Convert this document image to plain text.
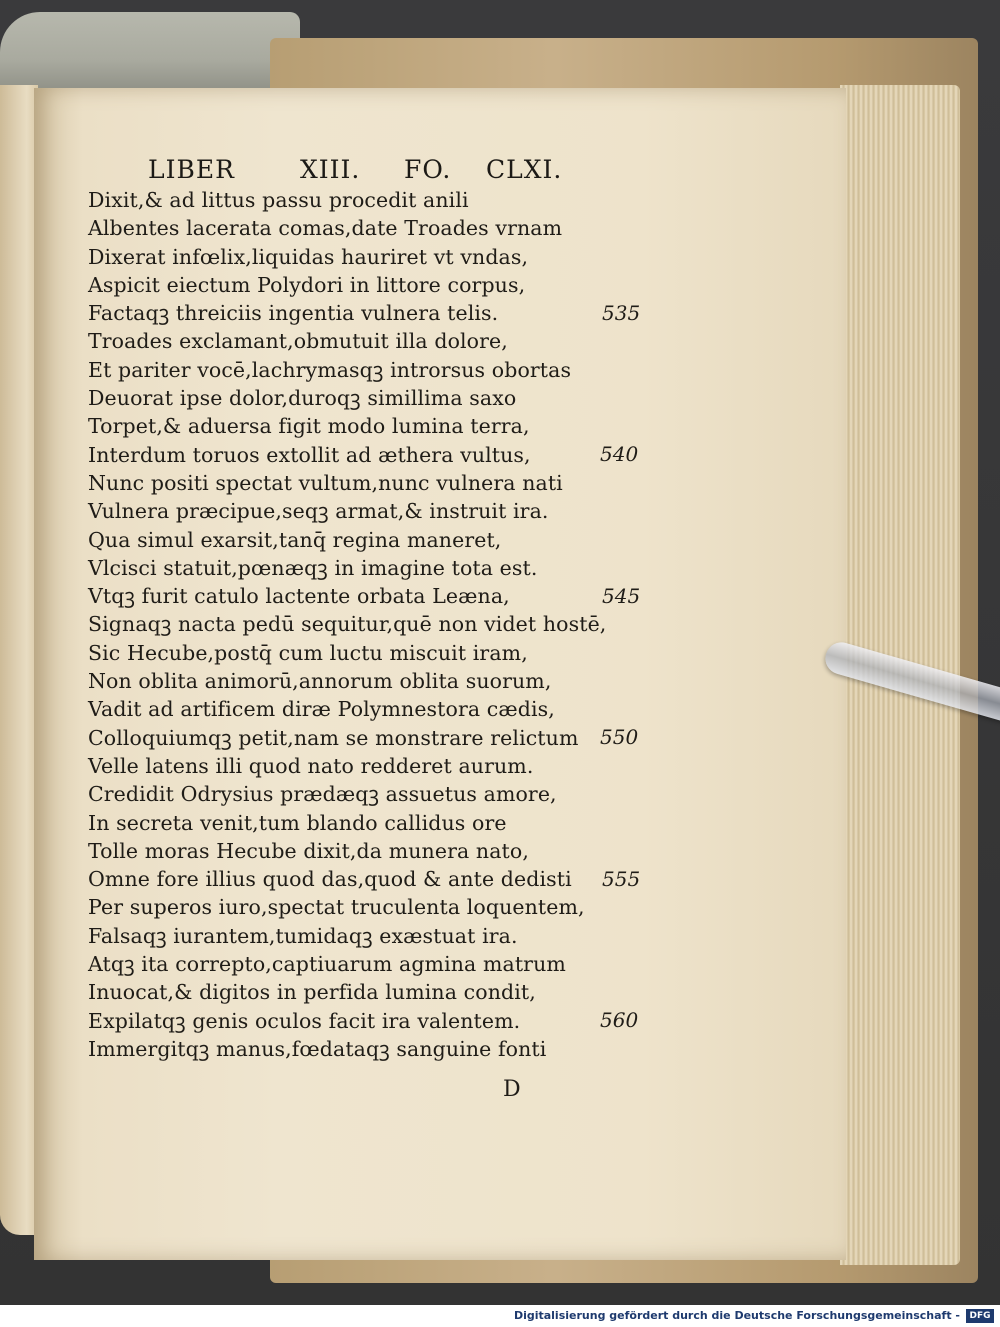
LIBER	XIII. FO. CLXI.
Dixit,& ad littus passu procedit anili
Albentes lacerata comas,date Troades vrnam
Dixerat infœlix,liquidas hauriret vt vndas,
Aspicit eiectum Polydori in littore corpus,
Factaqꝫ threiciis ingentia vulnera telis.
Troades exclamant,obmutuit illa dolore,
Et pariter vocē,lachrymasqꝫ introrsus obortas
Deuorat ipse dolor,duroqꝫ simillima saxo
Torpet,& aduersa figit modo lumina terra,
Interdum toruos extollit ad æthera vultus,
Nunc positi spectat vultum,nunc vulnera nati
Vulnera præcipue,seqꝫ armat,& instruit ira.
Qua simul exarsit,tanq̄ regina maneret,
Vlcisci statuit,pœnæqꝫ in imagine tota est.
Vtqꝫ furit catulo lactente orbata Leæna,
Signaqꝫ nacta pedū sequitur,quē non videt hostē,
Sic Hecube,postq̄ cum luctu miscuit iram,
Non oblita animorū,annorum oblita suorum,
Vadit ad artificem diræ Polymnestora cædis,
Colloquiumqꝫ petit,nam se monstrare relictum
Velle latens illi quod nato redderet aurum.
Credidit Odrysius prædæqꝫ assuetus amore,
In secreta venit,tum blando callidus ore
Tolle moras Hecube dixit,da munera nato,
Omne fore illius quod das,quod & ante dedisti
Per superos iuro,spectat truculenta loquentem,
Falsaqꝫ iurantem,tumidaqꝫ exæstuat ira.
Atqꝫ ita correpto,captiuarum agmina matrum
Inuocat,& digitos in perfida lumina condit,
Expilatqꝫ genis oculos facit ira valentem.
Immergitqꝫ manus,fœdataqꝫ sanguine fonti
535
540
545
550
555
560
D
Digitalisierung gefördert durch die Deutsche Forschungsgemeinschaft -	DFG
